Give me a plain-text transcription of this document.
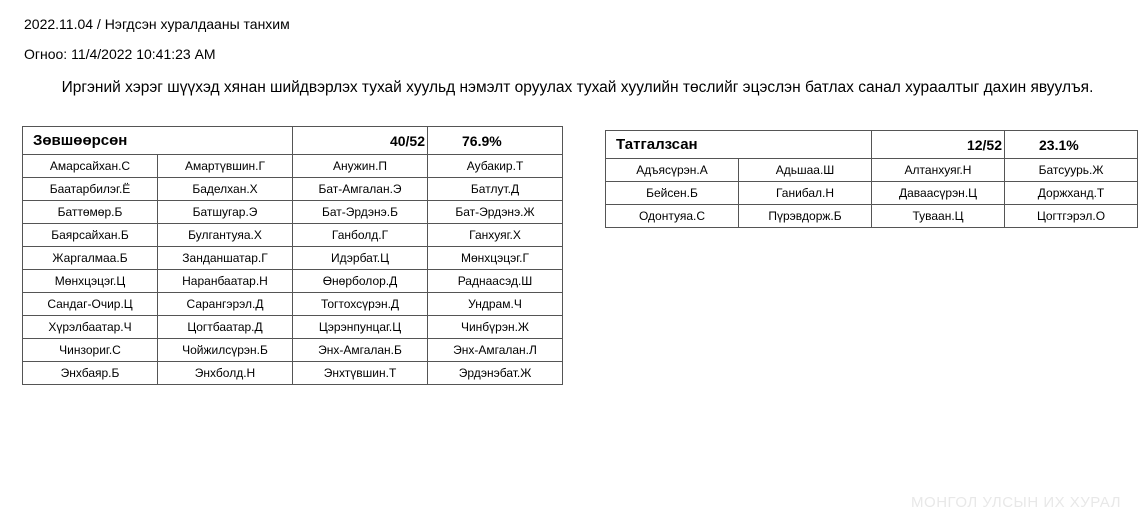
2022.11.04 / Нэгдсэн хуралдааны танхим
Огноо: 11/4/2022 10:41:23 AM
Иргэний хэрэг шүүхэд хянан шийдвэрлэх тухай хуульд нэмэлт оруулах тухай хуулийн төслийг эцэслэн батлах санал хураалтыг дахин явуулъя.
Зөвшөөрсөн		40/52	76.9%
Амарсайхан.С	Амартүвшин.Г	Анужин.П	Аубакир.Т
Баатарбилэг.Ё	Баделхан.Х	Бат-Амгалан.Э	Батлут.Д
Баттөмөр.Б	Батшугар.Э	Бат-Эрдэнэ.Б	Бат-Эрдэнэ.Ж
Баярсайхан.Б	Булгантуяа.Х	Ганболд.Г	Ганхуяг.Х
Жаргалмаа.Б	Занданшатар.Г	Идэрбат.Ц	Мөнхцэцэг.Г
Мөнхцэцэг.Ц	Наранбаатар.Н	Өнөрболор.Д	Раднаасэд.Ш
Сандаг-Очир.Ц	Сарангэрэл.Д	Тогтохсүрэн.Д	Ундрам.Ч
Хүрэлбаатар.Ч	Цогтбаатар.Д	Цэрэнпунцаг.Ц	Чинбүрэн.Ж
Чинзориг.С	Чойжилсүрэн.Б	Энх-Амгалан.Б	Энх-Амгалан.Л
Энхбаяр.Б	Энхболд.Н	Энхтүвшин.Т	Эрдэнэбат.Ж
Татгалзсан		12/52	23.1%
Адъясүрэн.А	Адьшаа.Ш	Алтанхуяг.Н	Батсуурь.Ж
Бейсен.Б	Ганибал.Н	Даваасүрэн.Ц	Доржханд.Т
Одонтуяа.С	Пүрэвдорж.Б	Туваан.Ц	Цогтгэрэл.О
МОНГОЛ УЛСЫН ИХ ХУРАЛ
